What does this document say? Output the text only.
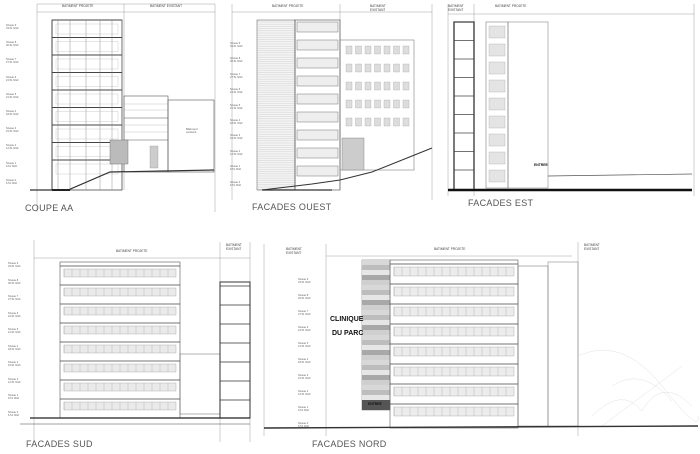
BATIMENT PROJETE	BATIMENT EXISTANT
Bâtiment
existant
COUPE AA
BATIMENT PROJETE	BATIMENT
EXISTANT
FACADES OUEST
BATIMENT PROJETE
BATIMENT
EXISTANT
ENTREE
FACADES EST
BATIMENT PROJETE
BATIMENT
EXISTANT
FACADES SUD
BATIMENT PROJETE
BATIMENT
EXISTANT
BATIMENT
EXISTANT
CLINIQUE
DU PARC
ENTREE
FACADES NORD
Niveau 9
33.51 NGF
Niveau 8
30.51 NGF
Niveau 7
27.51 NGF
Niveau 6
24.51 NGF
Niveau 5
21.51 NGF
Niveau 4
18.51 NGF
Niveau 3
15.51 NGF
Niveau 2
12.51 NGF
Niveau 1
9.51 NGF
Niveau 0
6.51 NGF
Niveau 9
33.51 NGF
Niveau 8
30.51 NGF
Niveau 7
27.51 NGF
Niveau 6
24.51 NGF
Niveau 5
21.51 NGF
Niveau 4
18.51 NGF
Niveau 3
15.51 NGF
Niveau 2
12.51 NGF
Niveau 1
9.51 NGF
Niveau 0
6.51 NGF
Niveau 9
33.51 NGF
Niveau 8
30.51 NGF
Niveau 7
27.51 NGF
Niveau 6
24.51 NGF
Niveau 5
21.51 NGF
Niveau 4
18.51 NGF
Niveau 3
15.51 NGF
Niveau 2
12.51 NGF
Niveau 1
9.51 NGF
Niveau 0
6.51 NGF
Niveau 9
33.51 NGF
Niveau 8
30.51 NGF
Niveau 7
27.51 NGF
Niveau 6
24.51 NGF
Niveau 5
21.51 NGF
Niveau 4
18.51 NGF
Niveau 3
15.51 NGF
Niveau 2
12.51 NGF
Niveau 1
9.51 NGF
Niveau 0
6.51 NGF
